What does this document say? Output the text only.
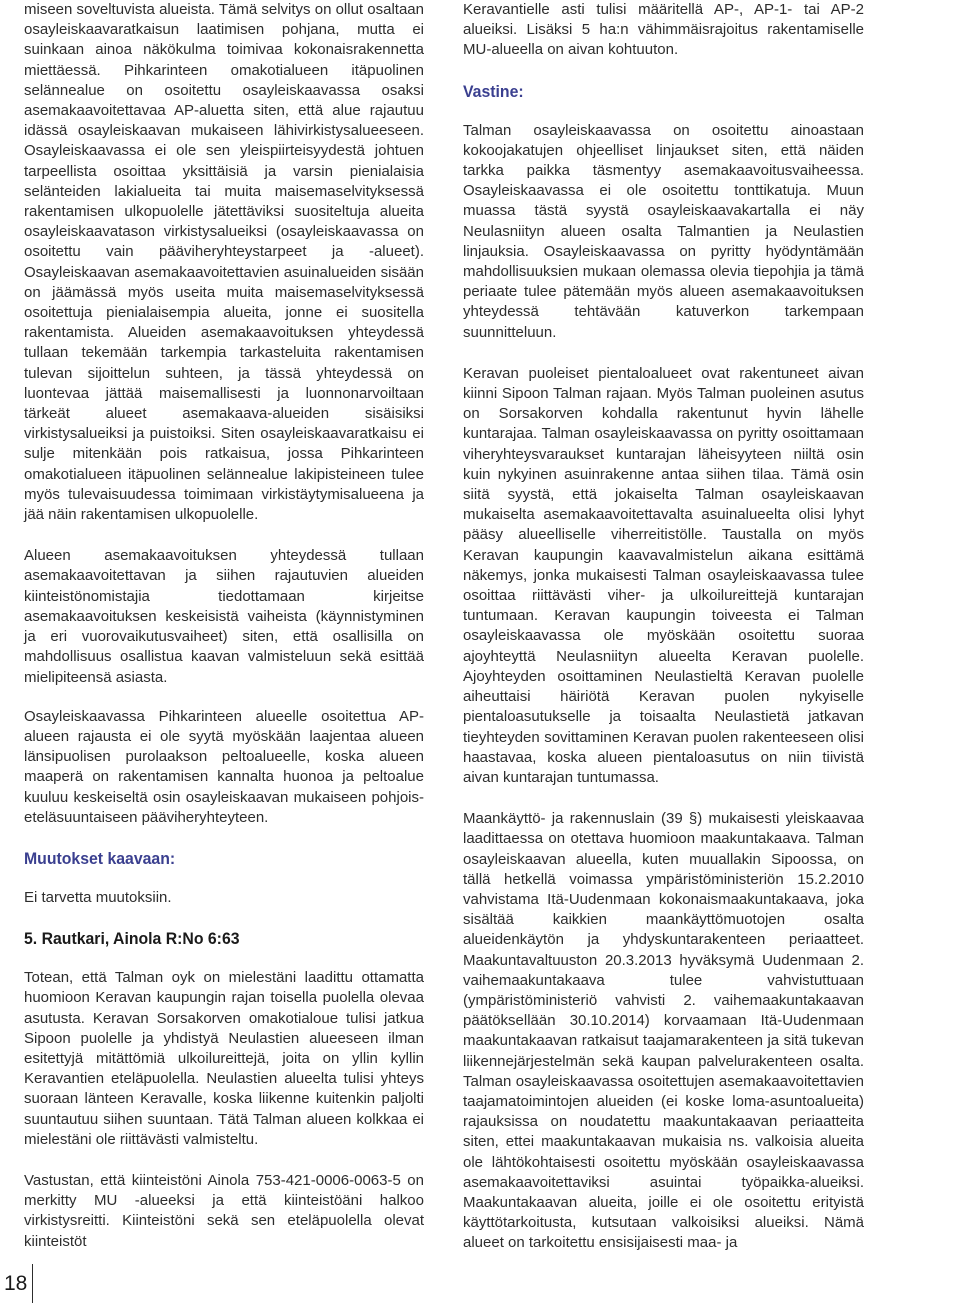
miseen soveltuvista alueista. Tämä selvitys on ollut osaltaan osayleiskaavaratkaisun laatimisen pohjana, mutta ei suinkaan ainoa näkökulma toimivaa kokonaisrakennetta miettäessä. Pihkarinteen omakotialueen itäpuolinen selännealue on osoitettu osayleiskaavassa osaksi asemakaavoitettavaa AP-aluetta siten, että alue rajautuu idässä osayleiskaavan mukaiseen lähivirkistysalueeseen. Osayleiskaavassa ei ole sen yleispiirteisyydestä johtuen tarpeellista osoittaa yksittäisiä ja varsin pienialaisia selänteiden lakialueita tai muita maisemaselvityksessä rakentamisen ulkopuolelle jätettäviksi suositeltuja alueita osayleiskaavatason virkistysalueiksi (osayleiskaavassa on osoitettu vain pääviheryhteystarpeet ja -alueet). Osayleiskaavan asemakaavoitettavien asuinalueiden sisään on jäämässä myös useita muita maisemaselvityksessä osoitettuja pienialaisempia alueita, jonne ei suositella rakentamista. Alueiden asemakaavoituksen yhteydessä tullaan tekemään tarkempia tarkasteluita rakentamisen tulevan sijoittelun suhteen, ja tässä yhteydessä on luontevaa jättää maisemallisesti ja luonnonarvoiltaan tärkeät alueet asemakaava-alueiden sisäisiksi virkistysalueiksi ja puistoiksi. Siten osayleiskaavaratkaisu ei sulje mitenkään pois ratkaisua, jossa Pihkarinteen omakotialueen itäpuolinen selännealue lakipisteineen tulee myös tulevaisuudessa toimimaan virkistäytymisalueena ja jää näin rakentamisen ulkopuolelle.

Alueen asemakaavoituksen yhteydessä tullaan asemakaavoitettavan ja siihen rajautuvien alueiden kiinteistönomistajia tiedottamaan kirjeitse asemakaavoituksen keskeisistä vaiheista (käynnistyminen ja eri vuorovaikutusvaiheet) siten, että osallisilla on mahdollisuus osallistua kaavan valmisteluun sekä esittää mielipiteensä asiasta.

Osayleiskaavassa Pihkarinteen alueelle osoitettua AP-alueen rajausta ei ole syytä myöskään laajentaa alueen länsipuolisen purolaakson peltoalueelle, koska alueen maaperä on rakentamisen kannalta huonoa ja peltoalue kuuluu keskeiseltä osin osayleiskaavan mukaiseen pohjois-eteläsuuntaiseen pääviheryhteyteen.

Muutokset kaavaan:

Ei tarvetta muutoksiin.

5. Rautkari, Ainola R:No 6:63

Totean, että Talman oyk on mielestäni laadittu ottamatta huomioon Keravan kaupungin rajan toisella puolella olevaa asutusta. Keravan Sorsakorven omakotialoue tulisi jatkua Sipoon puolelle ja yhdistyä Neulastien alueeseen ilman esitettyjä mitättömiä ulkoilureittejä, joita on yllin kyllin Keravantien eteläpuolella. Neulastien alueelta tulisi yhteys suoraan länteen Keravalle, koska liikenne kuitenkin paljolti suuntautuu siihen suuntaan. Tätä Talman alueen kolkkaa ei mielestäni ole riittävästi valmisteltu.

Vastustan, että kiinteistöni Ainola 753-421-0006-0063-5 on merkitty MU -alueeksi ja että kiinteistöäni halkoo virkistysreitti. Kiinteistöni sekä sen eteläpuolella olevat kiinteistöt

Keravantielle asti tulisi määritellä AP-, AP-1- tai AP-2 alueiksi. Lisäksi 5 ha:n vähimmäisrajoitus rakentamiselle MU-alueella on aivan kohtuuton.

Vastine:

Talman osayleiskaavassa on osoitettu ainoastaan kokoojakatujen ohjeelliset linjaukset siten, että näiden tarkka paikka täsmentyy asemakaavoitusvaiheessa. Osayleiskaavassa ei ole osoitettu tonttikatuja. Muun muassa tästä syystä osayleiskaavakartalla ei näy Neulasniityn alueen osalta Talmantien ja Neulastien linjauksia. Osayleiskaavassa on pyritty hyödyntämään mahdollisuuksien mukaan olemassa olevia tiepohjia ja tämä periaate tulee pätemään myös alueen asemakaavoituksen yhteydessä tehtävään katuverkon tarkempaan suunnitteluun.

Keravan puoleiset pientaloalueet ovat rakentuneet aivan kiinni Sipoon Talman rajaan. Myös Talman puoleinen asutus on Sorsakorven kohdalla rakentunut hyvin lähelle kuntarajaa. Talman osayleiskaavassa on pyritty osoittamaan viheryhteysvaraukset kuntarajan läheisyyteen niiltä osin kuin nykyinen asuinrakenne antaa siihen tilaa. Tämä osin siitä syystä, että jokaiselta Talman osayleiskaavan mukaiselta asemakaavoitettavalta asuinalueelta olisi lyhyt pääsy alueelliselle viherreitistölle. Taustalla on myös Keravan kaupungin kaavavalmistelun aikana esittämä näkemys, jonka mukaisesti Talman osayleiskaavassa tulee osoittaa riittävästi viher- ja ulkoilureittejä kuntarajan tuntumaan. Keravan kaupungin toiveesta ei Talman osayleiskaavassa ole myöskään osoitettu suoraa ajoyhteyttä Neulasniityn alueelta Keravan puolelle. Ajoyhteyden osoittaminen Neulastieltä Keravan puolelle aiheuttaisi häiriötä Keravan puolen nykyiselle pientaloasutukselle ja toisaalta Neulastietä jatkavan tieyhteyden sovittaminen Keravan puolen rakenteeseen olisi haastavaa, koska alueen pientaloasutus on niin tiivistä aivan kuntarajan tuntumassa.

Maankäyttö- ja rakennuslain (39 §) mukaisesti yleiskaavaa laadittaessa on otettava huomioon maakuntakaava. Talman osayleiskaavan alueella, kuten muuallakin Sipoossa, on tällä hetkellä voimassa ympäristöministeriön 15.2.2010 vahvistama Itä-Uudenmaan kokonaismaakuntakaava, joka sisältää kaikkien maankäyttömuotojen osalta alueidenkäytön ja yhdyskuntarakenteen periaatteet. Maakuntavaltuuston 20.3.2013 hyväksymä Uudenmaan 2. vaihemaakuntakaava tulee vahvistuttuaan (ympäristöministeriö vahvisti 2. vaihemaakuntakaavan päätöksellään 30.10.2014) korvaamaan Itä-Uudenmaan maakuntakaavan ratkaisut taajamarakenteen ja sitä tukevan liikennejärjestelmän sekä kaupan palvelurakenteen osalta. Talman osayleiskaavassa osoitettujen asemakaavoitettavien taajamatoimintojen alueiden (ei koske loma-asuntoalueita) rajauksissa on noudatettu maakuntakaavan periaatteita siten, ettei maakuntakaavan mukaisia ns. valkoisia alueita ole lähtökohtaisesti osoitettu myöskään osayleiskaavassa asemakaavoitettaviksi asuintai työpaikka-alueiksi. Maakuntakaavan alueita, joille ei ole osoitettu erityistä käyttötarkoitusta, kutsutaan valkoisiksi alueiksi. Nämä alueet on tarkoitettu ensisijaisesti maa- ja

18
